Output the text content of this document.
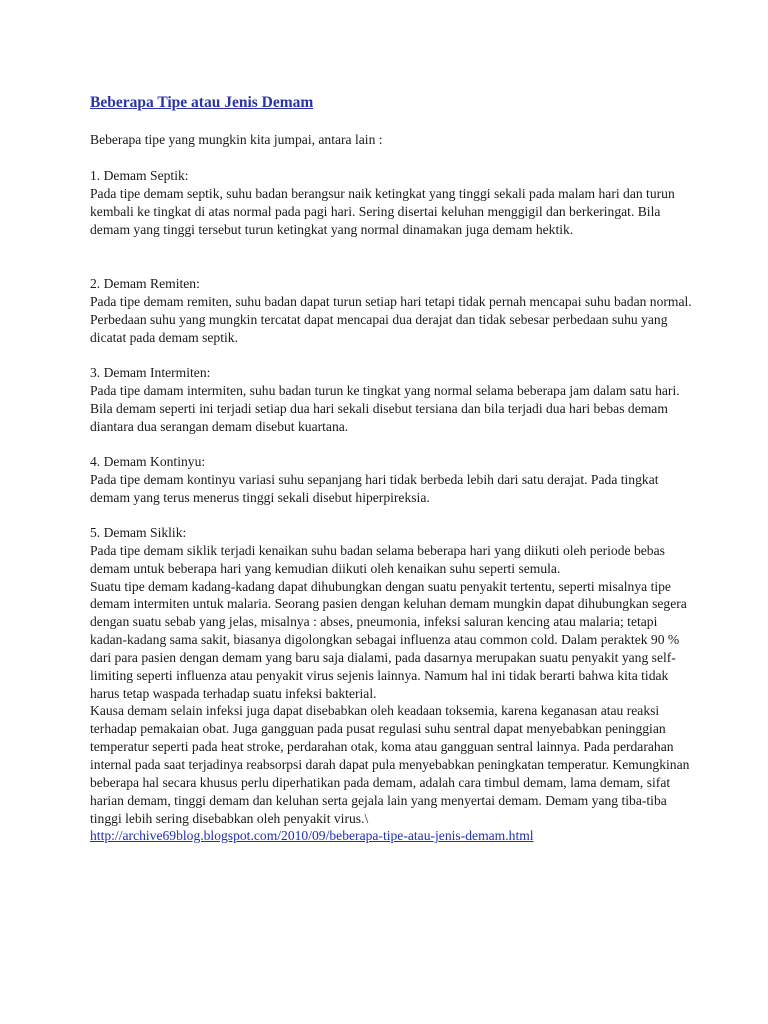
Beberapa Tipe atau Jenis Demam

Beberapa tipe yang mungkin kita jumpai, antara lain :

1. Demam Septik:
Pada tipe demam septik, suhu badan berangsur naik ketingkat yang tinggi sekali pada malam hari dan turun kembali ke tingkat di atas normal pada pagi hari. Sering disertai keluhan menggigil dan berkeringat. Bila demam yang tinggi tersebut turun ketingkat yang normal dinamakan juga demam hektik.
2. Demam Remiten:
Pada tipe demam remiten, suhu badan dapat turun setiap hari tetapi tidak pernah mencapai suhu badan normal. Perbedaan suhu yang mungkin tercatat dapat mencapai dua derajat dan tidak sebesar perbedaan suhu yang dicatat pada demam septik.
3. Demam Intermiten:
Pada tipe damam intermiten, suhu badan turun ke tingkat yang normal selama beberapa jam dalam satu hari. Bila demam seperti ini terjadi setiap dua hari sekali disebut tersiana dan bila terjadi dua hari bebas demam diantara dua serangan demam disebut kuartana.
4. Demam Kontinyu:
Pada tipe demam kontinyu variasi suhu sepanjang hari tidak berbeda lebih dari satu derajat. Pada tingkat demam yang terus menerus tinggi sekali disebut hiperpireksia.
5. Demam Siklik:
Pada tipe demam siklik terjadi kenaikan suhu badan selama beberapa hari yang diikuti oleh periode bebas demam untuk beberapa hari yang kemudian diikuti oleh kenaikan suhu seperti semula.
Suatu tipe demam kadang-kadang dapat dihubungkan dengan suatu penyakit tertentu, seperti misalnya tipe demam intermiten untuk malaria. Seorang pasien dengan keluhan demam mungkin dapat dihubungkan segera dengan suatu sebab yang jelas, misalnya : abses, pneumonia, infeksi saluran kencing atau malaria; tetapi kadan-kadang sama sakit, biasanya digolongkan sebagai influenza atau common cold. Dalam peraktek 90 % dari para pasien dengan demam yang baru saja dialami, pada dasarnya merupakan suatu penyakit yang self-limiting seperti influenza atau penyakit virus sejenis lainnya. Namum hal ini tidak berarti bahwa kita tidak harus tetap waspada terhadap suatu infeksi bakterial.
Kausa demam selain infeksi juga dapat disebabkan oleh keadaan toksemia, karena keganasan atau reaksi terhadap pemakaian obat. Juga gangguan pada pusat regulasi suhu sentral dapat menyebabkan peninggian temperatur seperti pada heat stroke, perdarahan otak, koma atau gangguan sentral lainnya. Pada perdarahan internal pada saat terjadinya reabsorpsi darah dapat pula menyebabkan peningkatan temperatur. Kemungkinan beberapa hal secara khusus perlu diperhatikan pada demam, adalah cara timbul demam, lama demam, sifat harian demam, tinggi demam dan keluhan serta gejala lain yang menyertai demam. Demam yang tiba-tiba tinggi lebih sering disebabkan oleh penyakit virus.\
http://archive69blog.blogspot.com/2010/09/beberapa-tipe-atau-jenis-demam.html
